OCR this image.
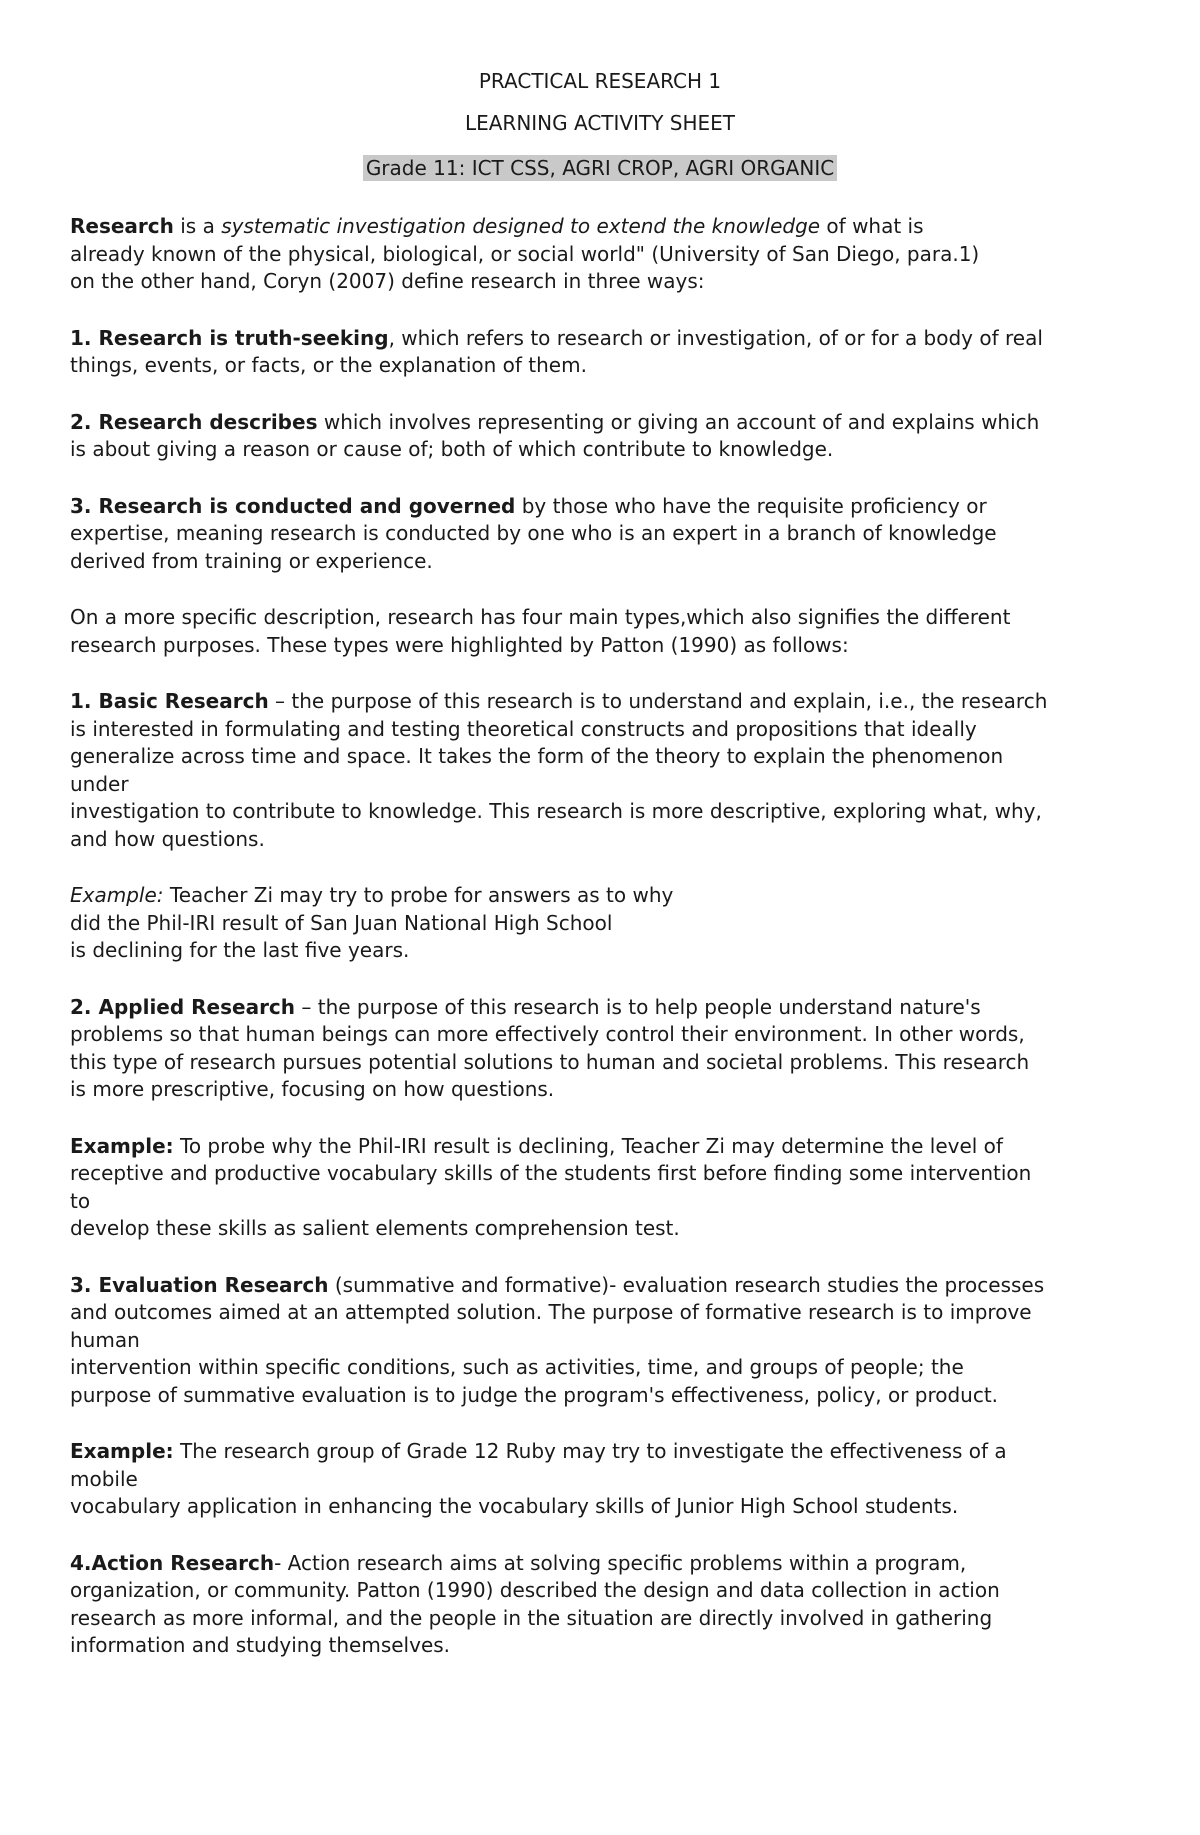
PRACTICAL RESEARCH 1
LEARNING ACTIVITY SHEET
Grade 11: ICT CSS, AGRI CROP, AGRI ORGANIC
Research is a systematic investigation designed to extend the knowledge of what is
already known of the physical, biological, or social world" (University of San Diego, para.1)
on the other hand, Coryn (2007) define research in three ways:
1. Research is truth-seeking, which refers to research or investigation, of or for a body of real
things, events, or facts, or the explanation of them.
2. Research describes which involves representing or giving an account of and explains which
is about giving a reason or cause of; both of which contribute to knowledge.
3. Research is conducted and governed by those who have the requisite proficiency or
expertise, meaning research is conducted by one who is an expert in a branch of knowledge
derived from training or experience.
On a more specific description, research has four main types,which also signifies the different
research purposes. These types were highlighted by Patton (1990) as follows:
1. Basic Research – the purpose of this research is to understand and explain, i.e., the research
is interested in formulating and testing theoretical constructs and propositions that ideally
generalize across time and space. It takes the form of the theory to explain the phenomenon
under
investigation to contribute to knowledge. This research is more descriptive, exploring what, why,
and how questions.
Example: Teacher Zi may try to probe for answers as to why
did the Phil-IRI result of San Juan National High School
is declining for the last five years.
2. Applied Research – the purpose of this research is to help people understand nature's
problems so that human beings can more effectively control their environment. In other words,
this type of research pursues potential solutions to human and societal problems. This research
is more prescriptive, focusing on how questions.
Example: To probe why the Phil-IRI result is declining, Teacher Zi may determine the level of
receptive and productive vocabulary skills of the students first before finding some intervention
to
develop these skills as salient elements comprehension test.
3. Evaluation Research (summative and formative)- evaluation research studies the processes
and outcomes aimed at an attempted solution. The purpose of formative research is to improve
human
intervention within specific conditions, such as activities, time, and groups of people; the
purpose of summative evaluation is to judge the program's effectiveness, policy, or product.
Example: The research group of Grade 12 Ruby may try to investigate the effectiveness of a
mobile
vocabulary application in enhancing the vocabulary skills of Junior High School students.
4.Action Research- Action research aims at solving specific problems within a program,
organization, or community. Patton (1990) described the design and data collection in action
research as more informal, and the people in the situation are directly involved in gathering
information and studying themselves.
